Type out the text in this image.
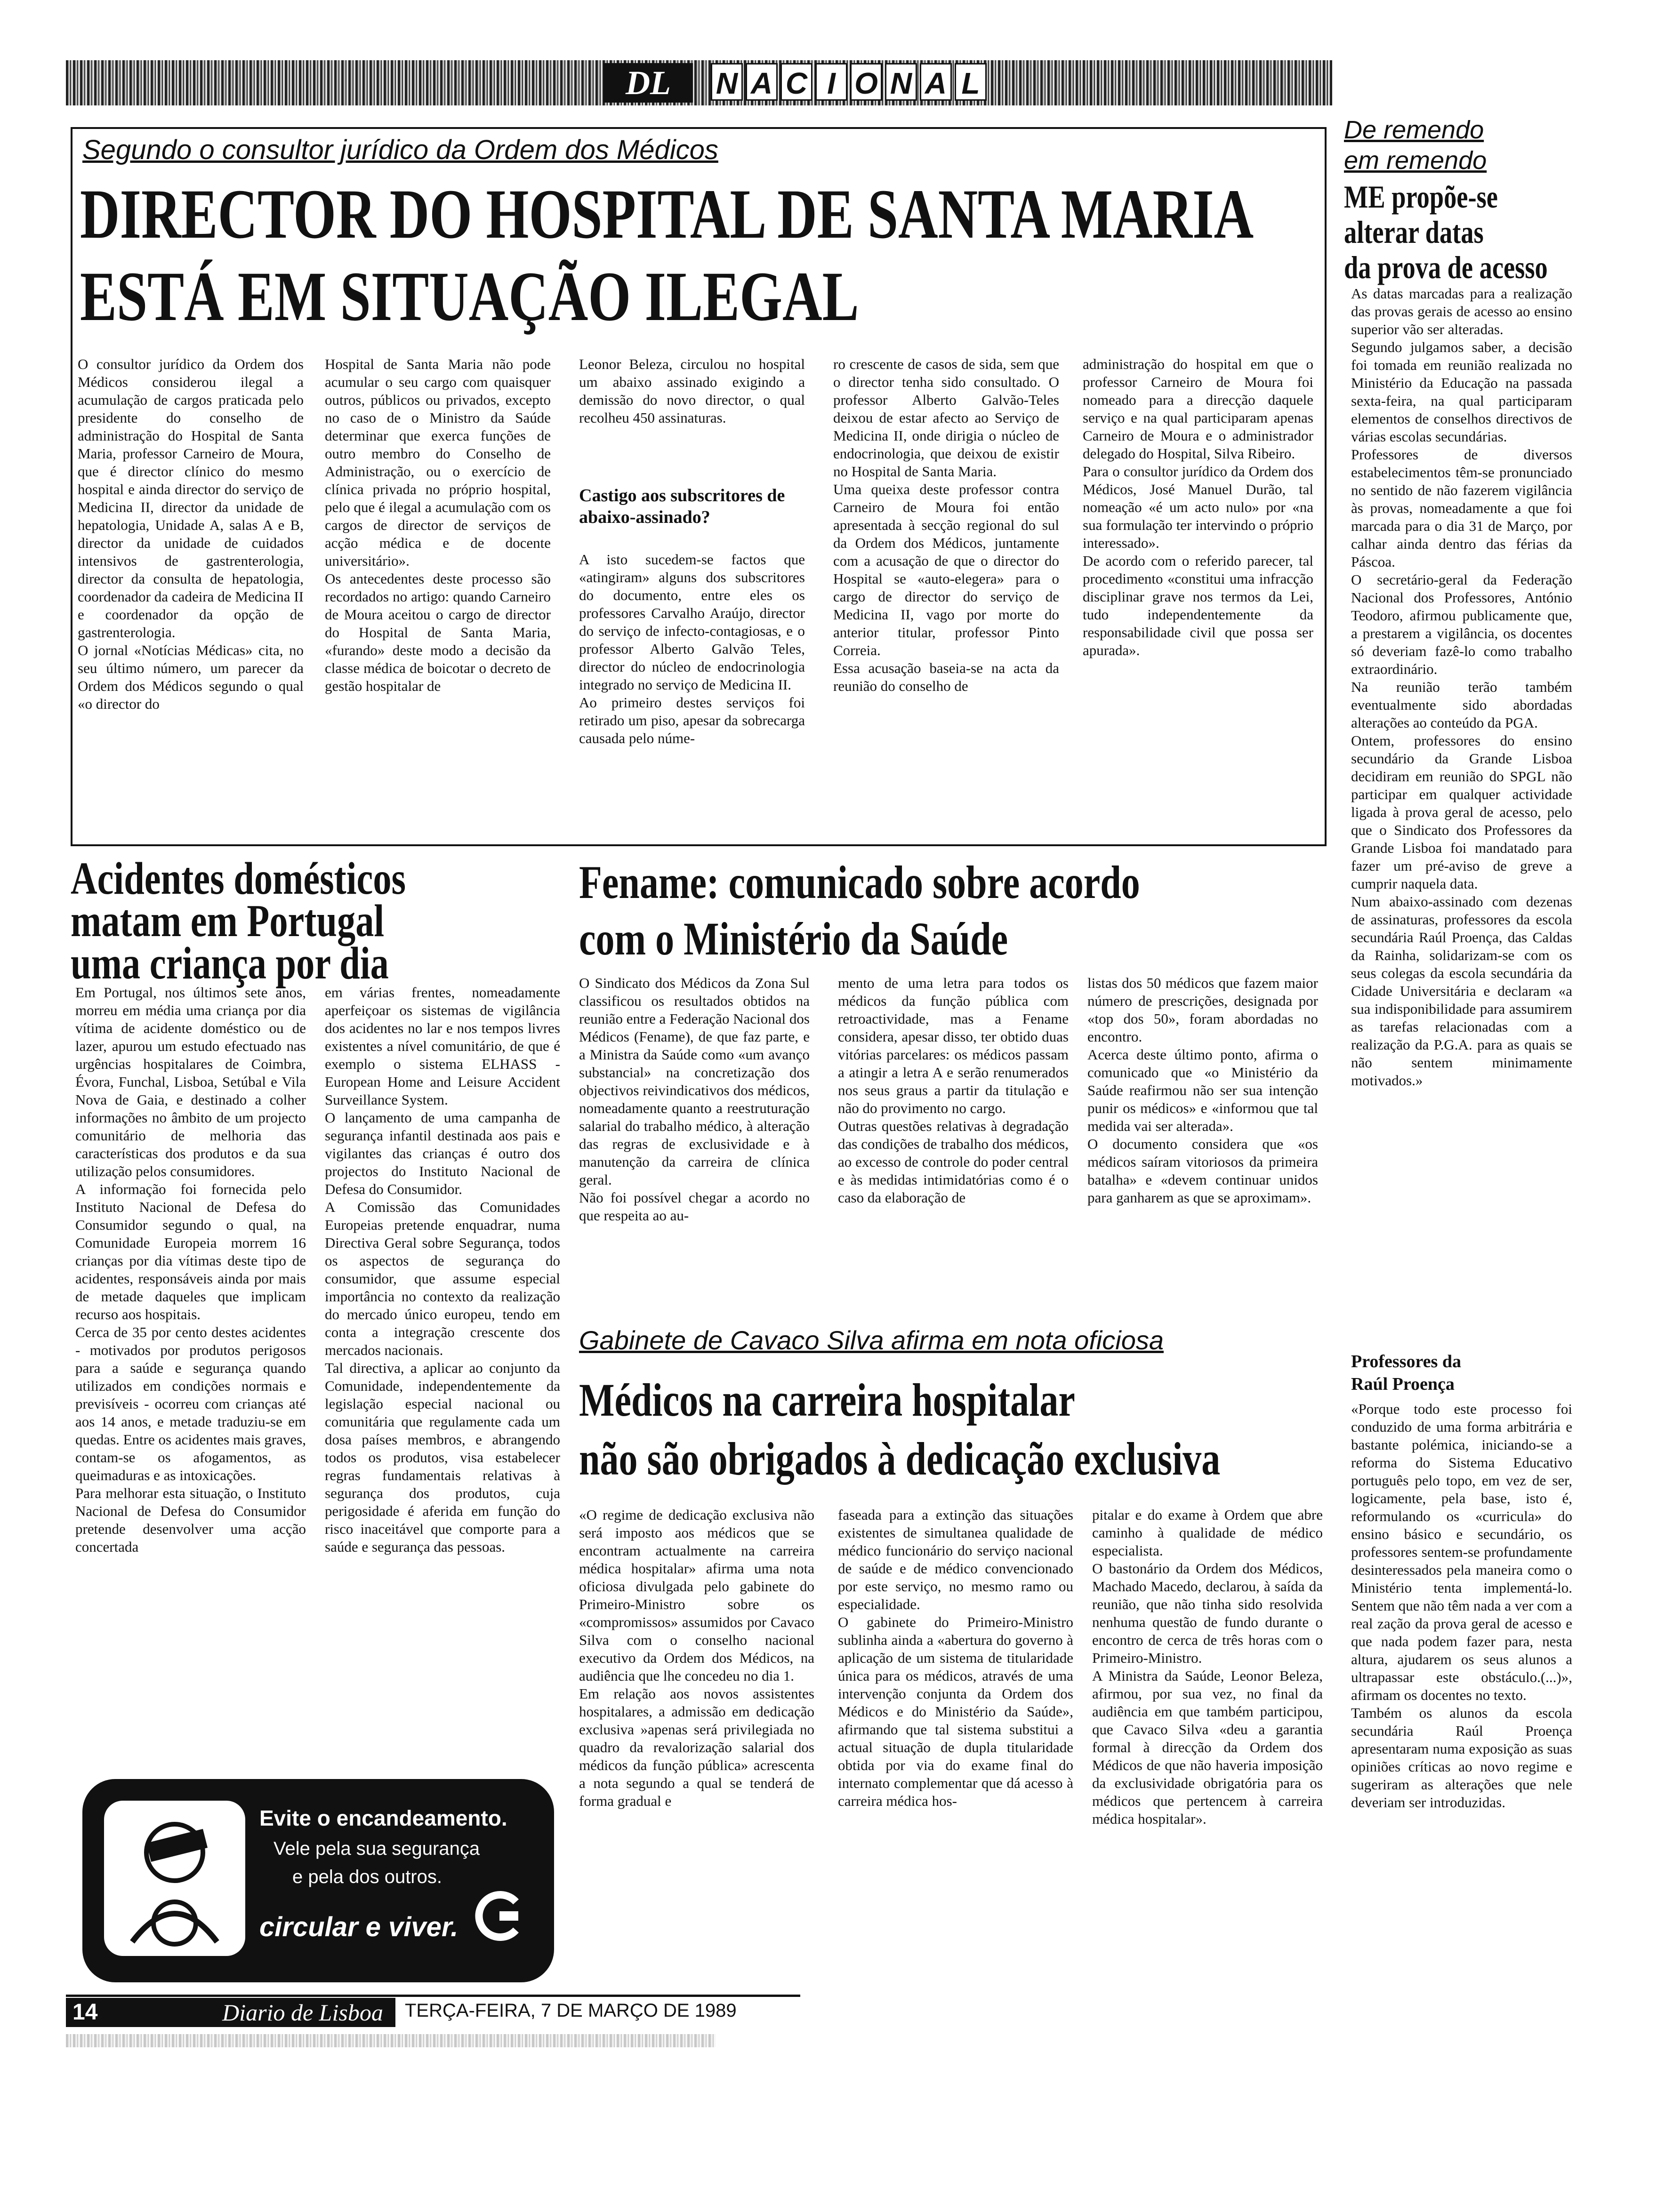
DL	N A C I O N A L
Segundo o consultor jurídico da Ordem dos Médicos
DIRECTOR DO HOSPITAL DE SANTA MARIA
ESTÁ EM SITUAÇÃO ILEGAL
O consultor jurídico da Ordem dos Médicos considerou ilegal a acumulação de cargos praticada pelo presidente do conselho de administração do Hospital de Santa Maria, professor Carneiro de Moura, que é director clínico do mesmo hospital e ainda director do serviço de Medicina II, director da unidade de hepatologia, Unidade A, salas A e B, director da unidade de cuidados intensivos de gastrenterologia, director da consulta de hepatologia, coordenador da cadeira de Medicina II e coordenador da opção de gastrenterologia.
O jornal «Notícias Médicas» cita, no seu último número, um parecer da Ordem dos Médicos segundo o qual «o director do
Hospital de Santa Maria não pode acumular o seu cargo com quaisquer outros, públicos ou privados, excepto no caso de o Ministro da Saúde determinar que exerca funções de outro membro do Conselho de Administração, ou o exercício de clínica privada no próprio hospital, pelo que é ilegal a acumulação com os cargos de director de serviços de acção médica e de docente universitário».
Os antecedentes deste processo são recordados no artigo: quando Carneiro de Moura aceitou o cargo de director do Hospital de Santa Maria, «furando» deste modo a decisão da classe médica de boicotar o decreto de gestão hospitalar de
Leonor Beleza, circulou no hospital um abaixo assinado exigindo a demissão do novo director, o qual recolheu 450 assinaturas.
Castigo aos subscritores de abaixo-assinado?
A isto sucedem-se factos que «atingiram» alguns dos subscritores do documento, entre eles os professores Carvalho Araújo, director do serviço de infecto-contagiosas, e o professor Alberto Galvão Teles, director do núcleo de endocrinologia integrado no serviço de Medicina II.
Ao primeiro destes serviços foi retirado um piso, apesar da sobrecarga causada pelo núme-
ro crescente de casos de sida, sem que o director tenha sido consultado. O professor Alberto Galvão-Teles deixou de estar afecto ao Serviço de Medicina II, onde dirigia o núcleo de endocrinologia, que deixou de existir no Hospital de Santa Maria.
Uma queixa deste professor contra Carneiro de Moura foi então apresentada à secção regional do sul da Ordem dos Médicos, juntamente com a acusação de que o director do Hospital se «auto-elegera» para o cargo de director do serviço de Medicina II, vago por morte do anterior titular, professor Pinto Correia.
Essa acusação baseia-se na acta da reunião do conselho de
administração do hospital em que o professor Carneiro de Moura foi nomeado para a direcção daquele serviço e na qual participaram apenas Carneiro de Moura e o administrador delegado do Hospital, Silva Ribeiro.
Para o consultor jurídico da Ordem dos Médicos, José Manuel Durão, tal nomeação «é um acto nulo» por «na sua formulação ter intervindo o próprio interessado».
De acordo com o referido parecer, tal procedimento «constitui uma infracção disciplinar grave nos termos da Lei, tudo independentemente da responsabilidade civil que possa ser apurada».
De remendo
em remendo
ME propõe-se
alterar datas
da prova de acesso
As datas marcadas para a realização das provas gerais de acesso ao ensino superior vão ser alteradas.
Segundo julgamos saber, a decisão foi tomada em reunião realizada no Ministério da Educação na passada sexta-feira, na qual participaram elementos de conselhos directivos de várias escolas secundárias.
Professores de diversos estabelecimentos têm-se pronunciado no sentido de não fazerem vigilância às provas, nomeadamente a que foi marcada para o dia 31 de Março, por calhar ainda dentro das férias da Páscoa.
O secretário-geral da Federação Nacional dos Professores, António Teodoro, afirmou publicamente que, a prestarem a vigilância, os docentes só deveriam fazê-lo como trabalho extraordinário.
Na reunião terão também eventualmente sido abordadas alterações ao conteúdo da PGA.
Ontem, professores do ensino secundário da Grande Lisboa decidiram em reunião do SPGL não participar em qualquer actividade ligada à prova geral de acesso, pelo que o Sindicato dos Professores da Grande Lisboa foi mandatado para fazer um pré-aviso de greve a cumprir naquela data.
Num abaixo-assinado com dezenas de assinaturas, professores da escola secundária Raúl Proença, das Caldas da Rainha, solidarizam-se com os seus colegas da escola secundária da Cidade Universitária e declaram «a sua indisponibilidade para assumirem as tarefas relacionadas com a realização da P.G.A. para as quais se não sentem minimamente motivados.»
Professores da
Raúl Proença
«Porque todo este processo foi conduzido de uma forma arbitrária e bastante polémica, iniciando-se a reforma do Sistema Educativo português pelo topo, em vez de ser, logicamente, pela base, isto é, reformulando os «curricula» do ensino básico e secundário, os professores sentem-se profundamente desinteressados pela maneira como o Ministério tenta implementá-lo. Sentem que não têm nada a ver com a real zação da prova geral de acesso e que nada podem fazer para, nesta altura, ajudarem os seus alunos a ultrapassar este obstáculo.(...)», afirmam os docentes no texto.
Também os alunos da escola secundária Raúl Proença apresentaram numa exposição as suas opiniões críticas ao novo regime e sugeriram as alterações que nele deveriam ser introduzidas.
Acidentes domésticos
matam em Portugal
uma criança por dia
Em Portugal, nos últimos sete anos, morreu em média uma criança por dia vítima de acidente doméstico ou de lazer, apurou um estudo efectuado nas urgências hospitalares de Coimbra, Évora, Funchal, Lisboa, Setúbal e Vila Nova de Gaia, e destinado a colher informações no âmbito de um projecto comunitário de melhoria das características dos produtos e da sua utilização pelos consumidores.
A informação foi fornecida pelo Instituto Nacional de Defesa do Consumidor segundo o qual, na Comunidade Europeia morrem 16 crianças por dia vítimas deste tipo de acidentes, responsáveis ainda por mais de metade daqueles que implicam recurso aos hospitais.
Cerca de 35 por cento destes acidentes - motivados por produtos perigosos para a saúde e segurança quando utilizados em condições normais e previsíveis - ocorreu com crianças até aos 14 anos, e metade traduziu-se em quedas. Entre os acidentes mais graves, contam-se os afogamentos, as queimaduras e as intoxicações.
Para melhorar esta situação, o Instituto Nacional de Defesa do Consumidor pretende desenvolver uma acção concertada
em várias frentes, nomeadamente aperfeiçoar os sistemas de vigilância dos acidentes no lar e nos tempos livres existentes a nível comunitário, de que é exemplo o sistema ELHASS - European Home and Leisure Accident Surveillance System.
O lançamento de uma campanha de segurança infantil destinada aos pais e vigilantes das crianças é outro dos projectos do Instituto Nacional de Defesa do Consumidor.
A Comissão das Comunidades Europeias pretende enquadrar, numa Directiva Geral sobre Segurança, todos os aspectos de segurança do consumidor, que assume especial importância no contexto da realização do mercado único europeu, tendo em conta a integração crescente dos mercados nacionais.
Tal directiva, a aplicar ao conjunto da Comunidade, independentemente da legislação especial nacional ou comunitária que regulamente cada um dosa países membros, e abrangendo todos os produtos, visa estabelecer regras fundamentais relativas à segurança dos produtos, cuja perigosidade é aferida em função do risco inaceitável que comporte para a saúde e segurança das pessoas.
Evite o encandeamento.
Vele pela sua segurança
e pela dos outros.
circular e viver.
Fename: comunicado sobre acordo
com o Ministério da Saúde
O Sindicato dos Médicos da Zona Sul classificou os resultados obtidos na reunião entre a Federação Nacional dos Médicos (Fename), de que faz parte, e a Ministra da Saúde como «um avanço substancial» na concretização dos objectivos reivindicativos dos médicos, nomeadamente quanto a reestruturação salarial do trabalho médico, à alteração das regras de exclusividade e à manutenção da carreira de clínica geral.
Não foi possível chegar a acordo no que respeita ao au-
mento de uma letra para todos os médicos da função pública com retroactividade, mas a Fename considera, apesar disso, ter obtido duas vitórias parcelares: os médicos passam a atingir a letra A e serão renumerados nos seus graus a partir da titulação e não do provimento no cargo.
Outras questões relativas à degradação das condições de trabalho dos médicos, ao excesso de controle do poder central e às medidas intimidatórias como é o caso da elaboração de
listas dos 50 médicos que fazem maior número de prescrições, designada por «top dos 50», foram abordadas no encontro.
Acerca deste último ponto, afirma o comunicado que «o Ministério da Saúde reafirmou não ser sua intenção punir os médicos» e «informou que tal medida vai ser alterada».
O documento considera que «os médicos saíram vitoriosos da primeira batalha» e «devem continuar unidos para ganharem as que se aproximam».
Gabinete de Cavaco Silva afirma em nota oficiosa
Médicos na carreira hospitalar
não são obrigados à dedicação exclusiva
«O regime de dedicação exclusiva não será imposto aos médicos que se encontram actualmente na carreira médica hospitalar» afirma uma nota oficiosa divulgada pelo gabinete do Primeiro-Ministro sobre os «compromissos» assumidos por Cavaco Silva com o conselho nacional executivo da Ordem dos Médicos, na audiência que lhe concedeu no dia 1.
Em relação aos novos assistentes hospitalares, a admissão em dedicação exclusiva »apenas será privilegiada no quadro da revalorização salarial dos médicos da função pública» acrescenta a nota segundo a qual se tenderá de forma gradual e
faseada para a extinção das situações existentes de simultanea qualidade de médico funcionário do serviço nacional de saúde e de médico convencionado por este serviço, no mesmo ramo ou especialidade.
O gabinete do Primeiro-Ministro sublinha ainda a «abertura do governo à aplicação de um sistema de titularidade única para os médicos, através de uma intervenção conjunta da Ordem dos Médicos e do Ministério da Saúde», afirmando que tal sistema substitui a actual situação de dupla titularidade obtida por via do exame final do internato complementar que dá acesso à carreira médica hos-
pitalar e do exame à Ordem que abre caminho à qualidade de médico especialista.
O bastonário da Ordem dos Médicos, Machado Macedo, declarou, à saída da reunião, que não tinha sido resolvida nenhuma questão de fundo durante o encontro de cerca de três horas com o Primeiro-Ministro.
A Ministra da Saúde, Leonor Beleza, afirmou, por sua vez, no final da audiência em que também participou, que Cavaco Silva «deu a garantia formal à direcção da Ordem dos Médicos de que não haveria imposição da exclusividade obrigatória para os médicos que pertencem à carreira médica hospitalar».
14	Diario de Lisboa	TERÇA-FEIRA, 7 DE MARÇO DE 1989
